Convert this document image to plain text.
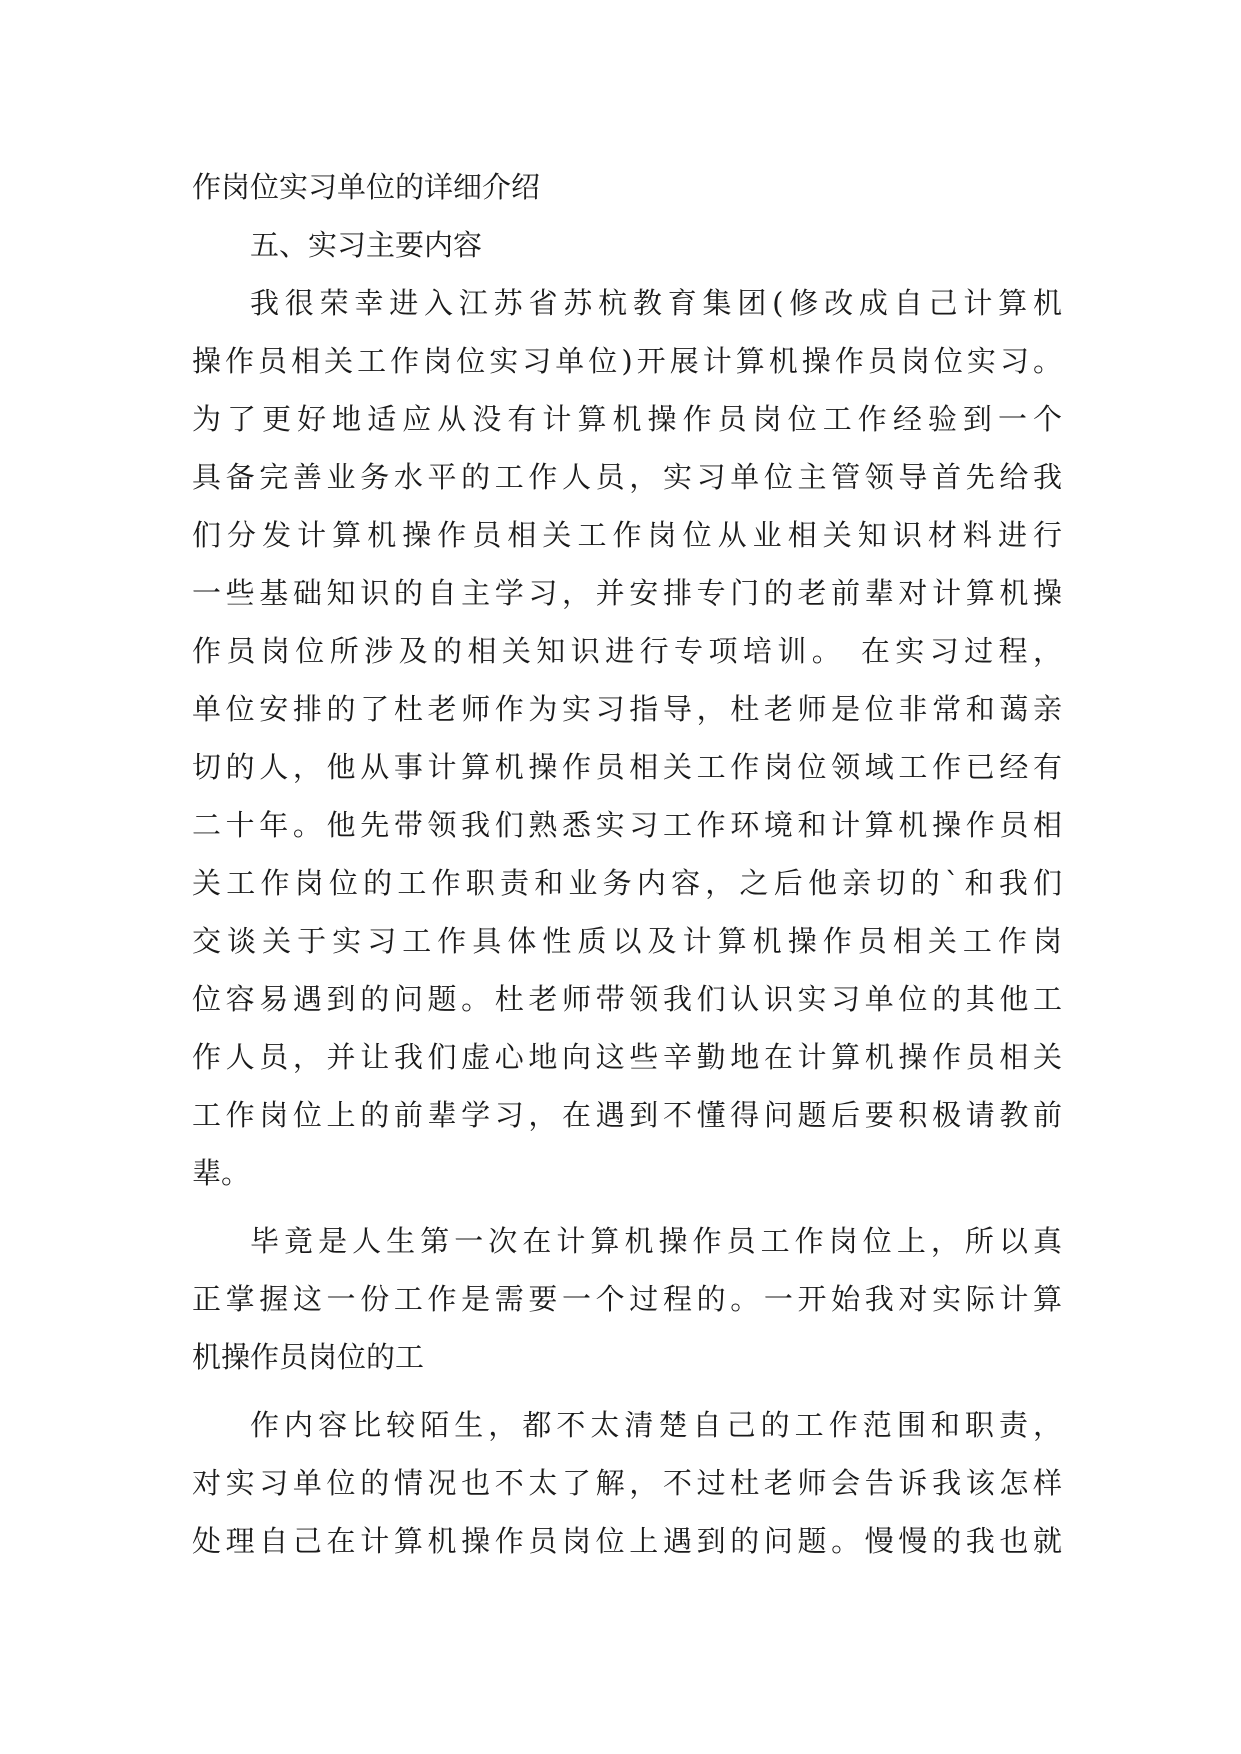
作岗位实习单位的详细介绍
五、实习主要内容
我很荣幸进入江苏省苏杭教育集团(修改成自己计算机
操作员相关工作岗位实习单位)开展计算机操作员岗位实习。
为了更好地适应从没有计算机操作员岗位工作经验到一个
具备完善业务水平的工作人员，实习单位主管领导首先给我
们分发计算机操作员相关工作岗位从业相关知识材料进行
一些基础知识的自主学习，并安排专门的老前辈对计算机操
作员岗位所涉及的相关知识进行专项培训。 在实习过程，
单位安排的了杜老师作为实习指导，杜老师是位非常和蔼亲
切的人，他从事计算机操作员相关工作岗位领域工作已经有
二十年。他先带领我们熟悉实习工作环境和计算机操作员相
关工作岗位的工作职责和业务内容，之后他亲切的`和我们
交谈关于实习工作具体性质以及计算机操作员相关工作岗
位容易遇到的问题。杜老师带领我们认识实习单位的其他工
作人员，并让我们虚心地向这些辛勤地在计算机操作员相关
工作岗位上的前辈学习，在遇到不懂得问题后要积极请教前
辈。
毕竟是人生第一次在计算机操作员工作岗位上，所以真
正掌握这一份工作是需要一个过程的。一开始我对实际计算
机操作员岗位的工
作内容比较陌生，都不太清楚自己的工作范围和职责，
对实习单位的情况也不太了解，不过杜老师会告诉我该怎样
处理自己在计算机操作员岗位上遇到的问题。慢慢的我也就
